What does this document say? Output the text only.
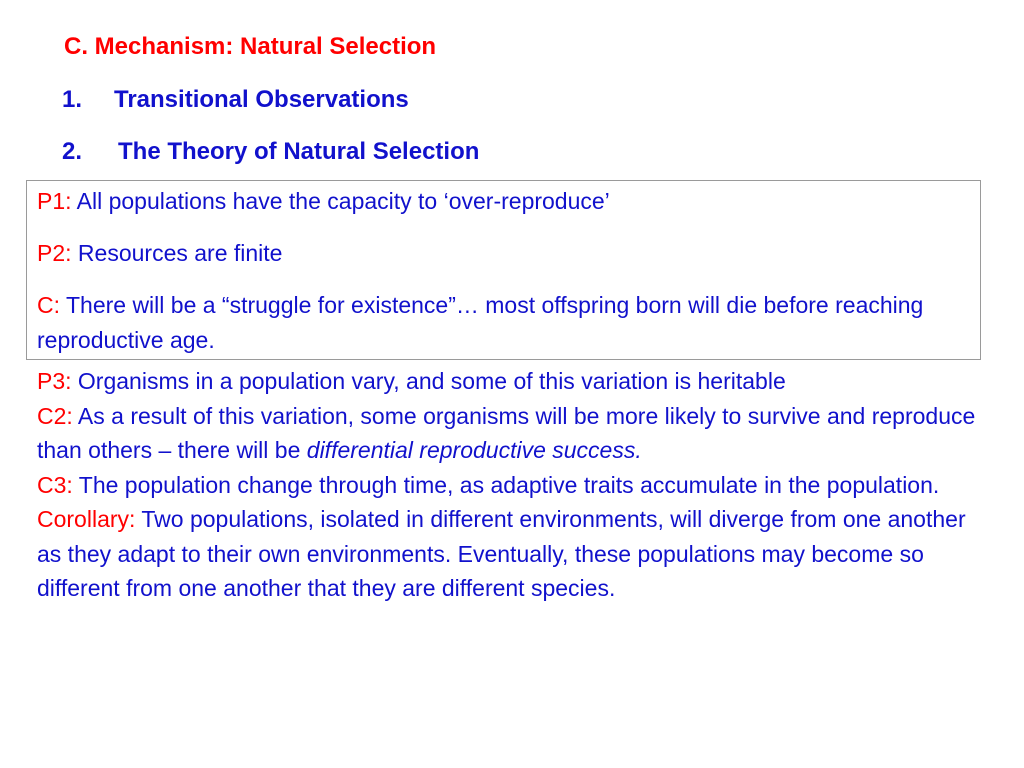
C. Mechanism: Natural Selection

1. Transitional Observations

2. The Theory of Natural Selection

P1: All populations have the capacity to ‘over-reproduce’

P2: Resources are finite

C: There will be a “struggle for existence”… most offspring born will die before reaching reproductive age.

P3: Organisms in a population vary, and some of this variation is heritable

C2: As a result of this variation, some organisms will be more likely to survive and reproduce than others – there will be differential reproductive success.

C3: The population change through time, as adaptive traits accumulate in the population.

Corollary: Two populations, isolated in different environments, will diverge from one another as they adapt to their own environments. Eventually, these populations may become so different from one another that they are different species.
